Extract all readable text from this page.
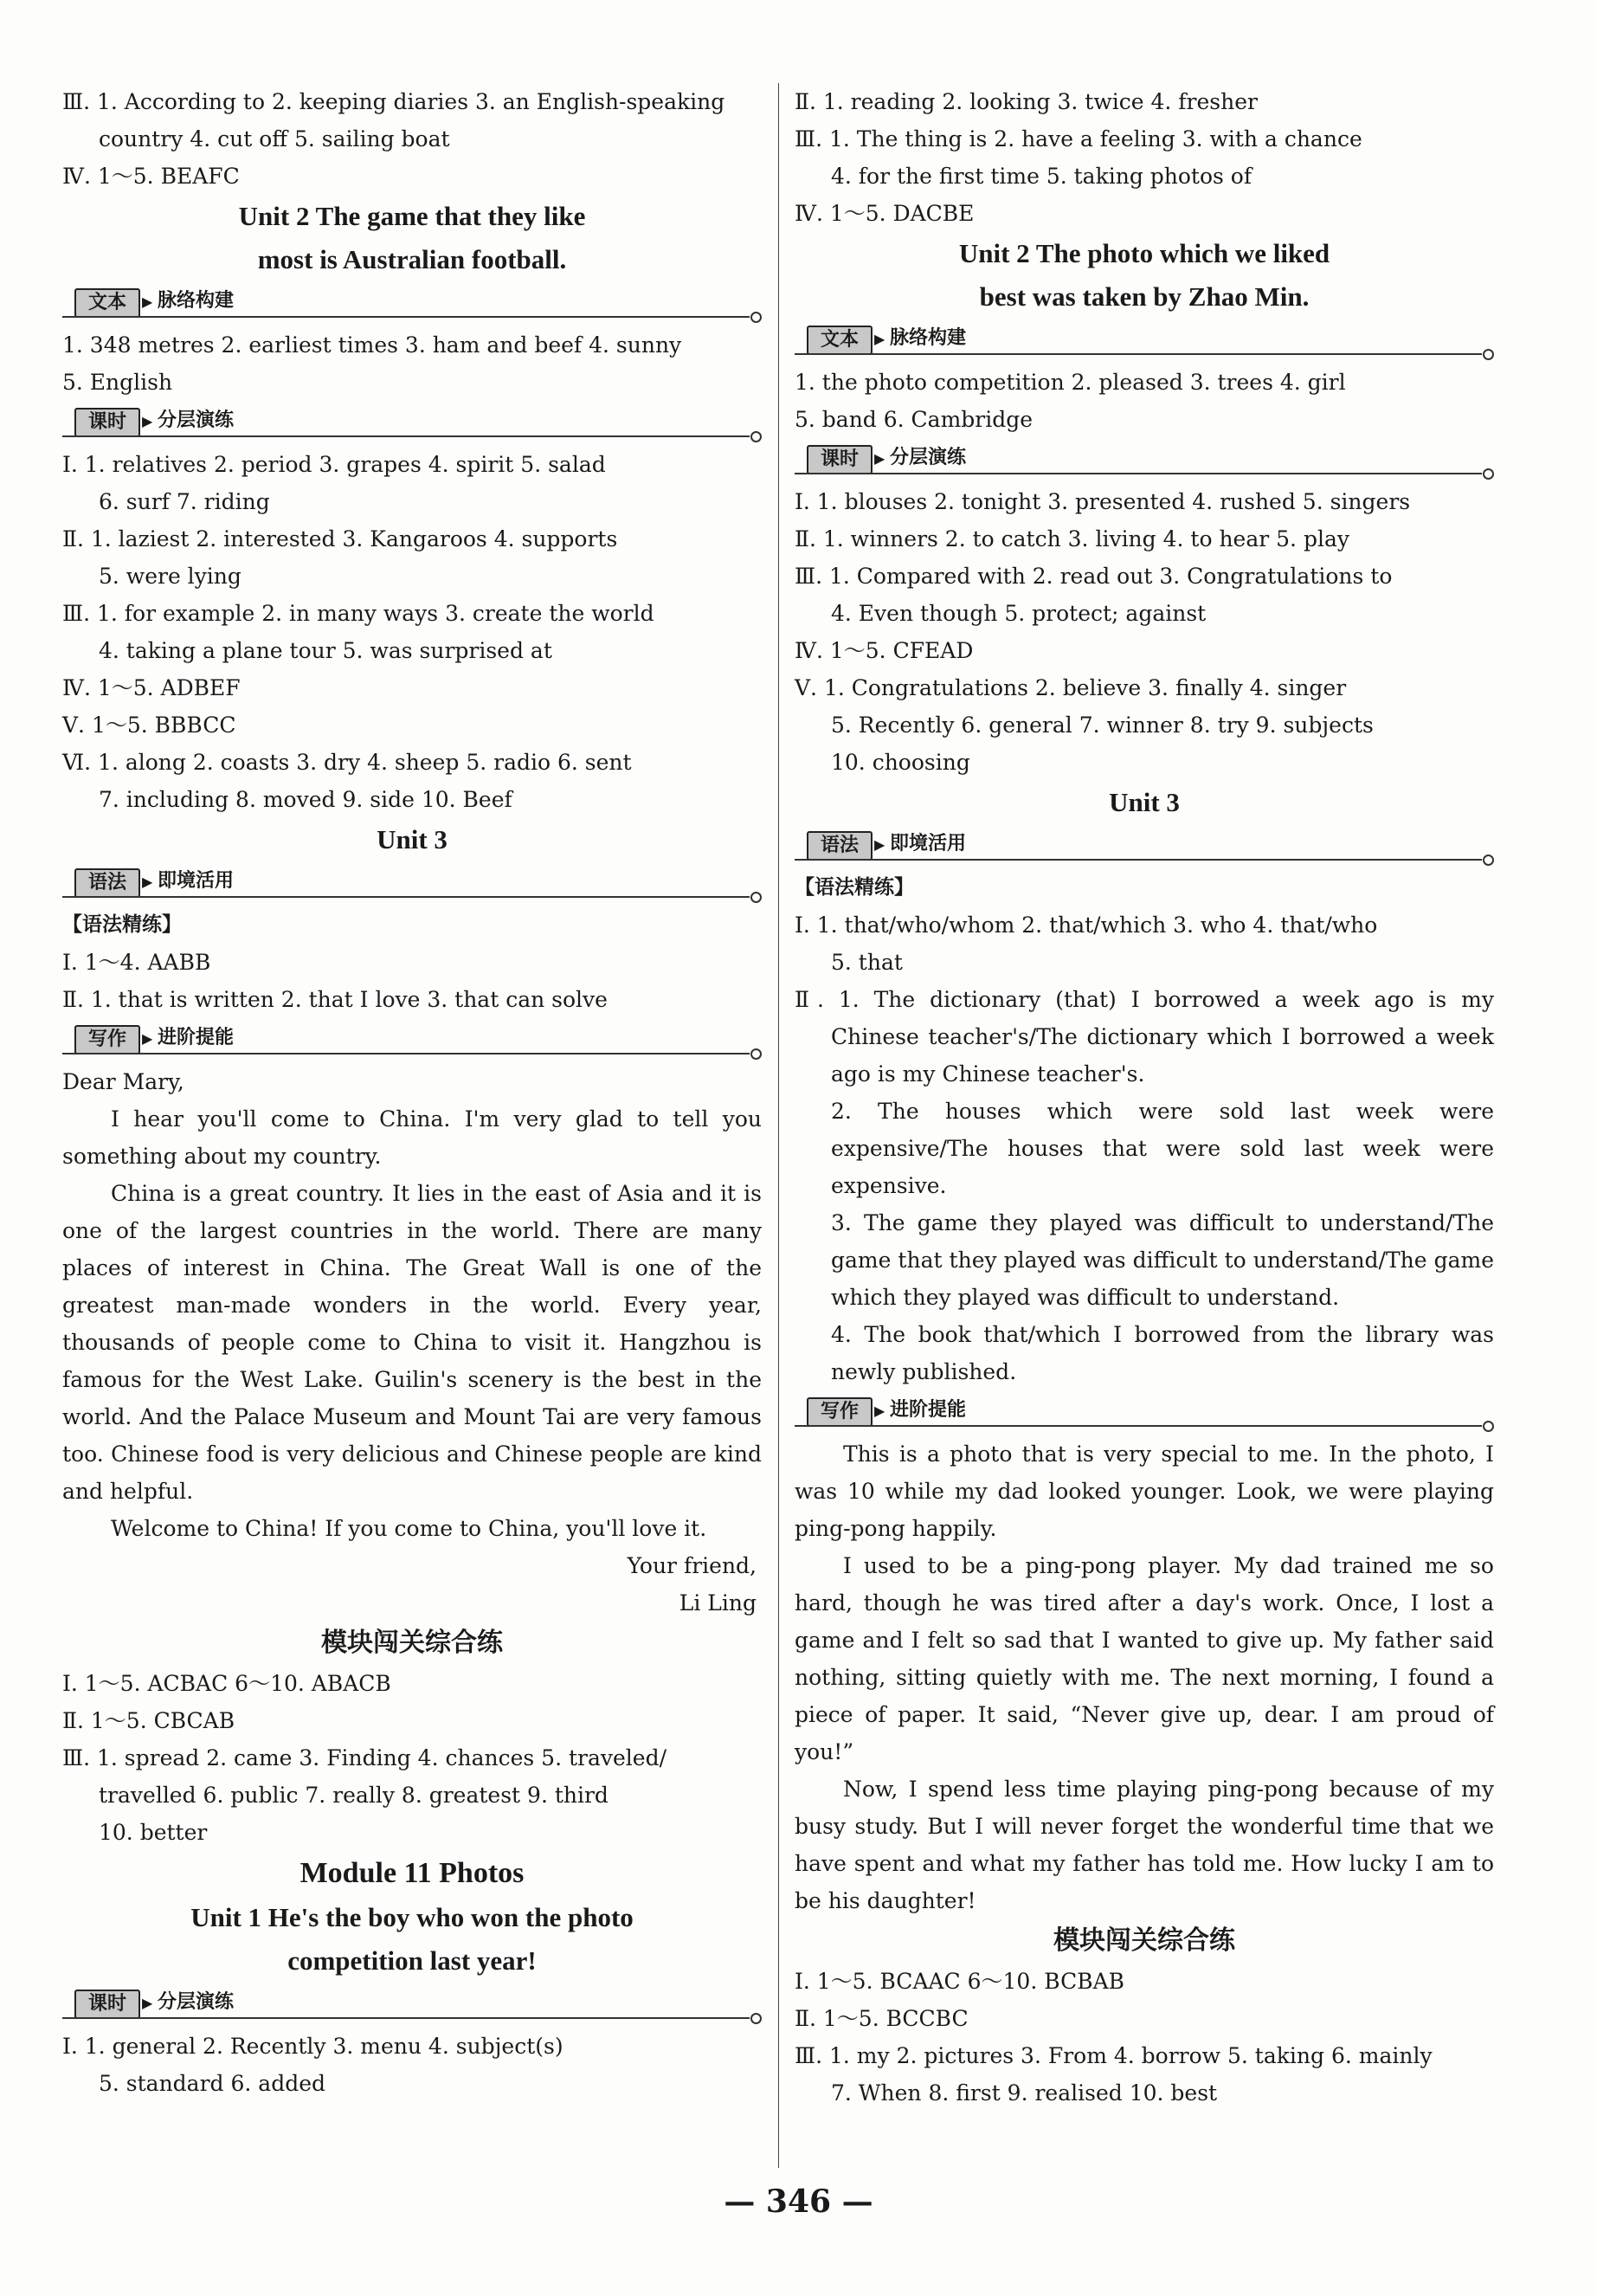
Ⅲ. 1. According to 2. keeping diaries 3. an English-speaking
country 4. cut off 5. sailing boat
Ⅳ. 1～5. BEAFC
Unit 2 The game that they like
most is Australian football.
文本	▶ 脉络构建
1. 348 metres 2. earliest times 3. ham and beef 4. sunny
5. English
课时	▶ 分层演练
Ⅰ. 1. relatives 2. period 3. grapes 4. spirit 5. salad
6. surf 7. riding
Ⅱ. 1. laziest 2. interested 3. Kangaroos 4. supports
5. were lying
Ⅲ. 1. for example 2. in many ways 3. create the world
4. taking a plane tour 5. was surprised at
Ⅳ. 1～5. ADBEF
Ⅴ. 1～5. BBBCC
Ⅵ. 1. along 2. coasts 3. dry 4. sheep 5. radio 6. sent
7. including 8. moved 9. side 10. Beef
Unit 3
语法	▶ 即境活用
【语法精练】
Ⅰ. 1～4. AABB
Ⅱ. 1. that is written 2. that I love 3. that can solve
写作	▶ 进阶提能
Dear Mary,
I hear you'll come to China. I'm very glad to tell you something about my country.
China is a great country. It lies in the east of Asia and it is one of the largest countries in the world. There are many places of interest in China. The Great Wall is one of the greatest man-made wonders in the world. Every year, thousands of people come to China to visit it. Hangzhou is famous for the West Lake. Guilin's scenery is the best in the world. And the Palace Museum and Mount Tai are very famous too. Chinese food is very delicious and Chinese people are kind and helpful.
Welcome to China! If you come to China, you'll love it.
Your friend,
Li Ling
模块闯关综合练
Ⅰ. 1～5. ACBAC 6～10. ABACB
Ⅱ. 1～5. CBCAB
Ⅲ. 1. spread 2. came 3. Finding 4. chances 5. traveled/
travelled 6. public 7. really 8. greatest 9. third
10. better
Module 11 Photos
Unit 1 He's the boy who won the photo
competition last year!
课时	▶ 分层演练
Ⅰ. 1. general 2. Recently 3. menu 4. subject(s)
5. standard 6. added
Ⅱ. 1. reading 2. looking 3. twice 4. fresher
Ⅲ. 1. The thing is 2. have a feeling 3. with a chance
4. for the first time 5. taking photos of
Ⅳ. 1～5. DACBE
Unit 2 The photo which we liked
best was taken by Zhao Min.
文本	▶ 脉络构建
1. the photo competition 2. pleased 3. trees 4. girl
5. band 6. Cambridge
课时	▶ 分层演练
Ⅰ. 1. blouses 2. tonight 3. presented 4. rushed 5. singers
Ⅱ. 1. winners 2. to catch 3. living 4. to hear 5. play
Ⅲ. 1. Compared with 2. read out 3. Congratulations to
4. Even though 5. protect; against
Ⅳ. 1～5. CFEAD
Ⅴ. 1. Congratulations 2. believe 3. finally 4. singer
5. Recently 6. general 7. winner 8. try 9. subjects
10. choosing
Unit 3
语法	▶ 即境活用
【语法精练】
Ⅰ. 1. that/who/whom 2. that/which 3. who 4. that/who
5. that
Ⅱ. 1. The dictionary (that) I borrowed a week ago is my Chinese teacher's/The dictionary which I borrowed a week ago is my Chinese teacher's.
2. The houses which were sold last week were expensive/The houses that were sold last week were expensive.
3. The game they played was difficult to understand/The game that they played was difficult to understand/The game which they played was difficult to understand.
4. The book that/which I borrowed from the library was newly published.
写作	▶ 进阶提能
This is a photo that is very special to me. In the photo, I was 10 while my dad looked younger. Look, we were playing ping-pong happily.
I used to be a ping-pong player. My dad trained me so hard, though he was tired after a day's work. Once, I lost a game and I felt so sad that I wanted to give up. My father said nothing, sitting quietly with me. The next morning, I found a piece of paper. It said, “Never give up, dear. I am proud of you!”
Now, I spend less time playing ping-pong because of my busy study. But I will never forget the wonderful time that we have spent and what my father has told me. How lucky I am to be his daughter!
模块闯关综合练
Ⅰ. 1～5. BCAAC 6～10. BCBAB
Ⅱ. 1～5. BCCBC
Ⅲ. 1. my 2. pictures 3. From 4. borrow 5. taking 6. mainly
7. When 8. first 9. realised 10. best
— 346 —
